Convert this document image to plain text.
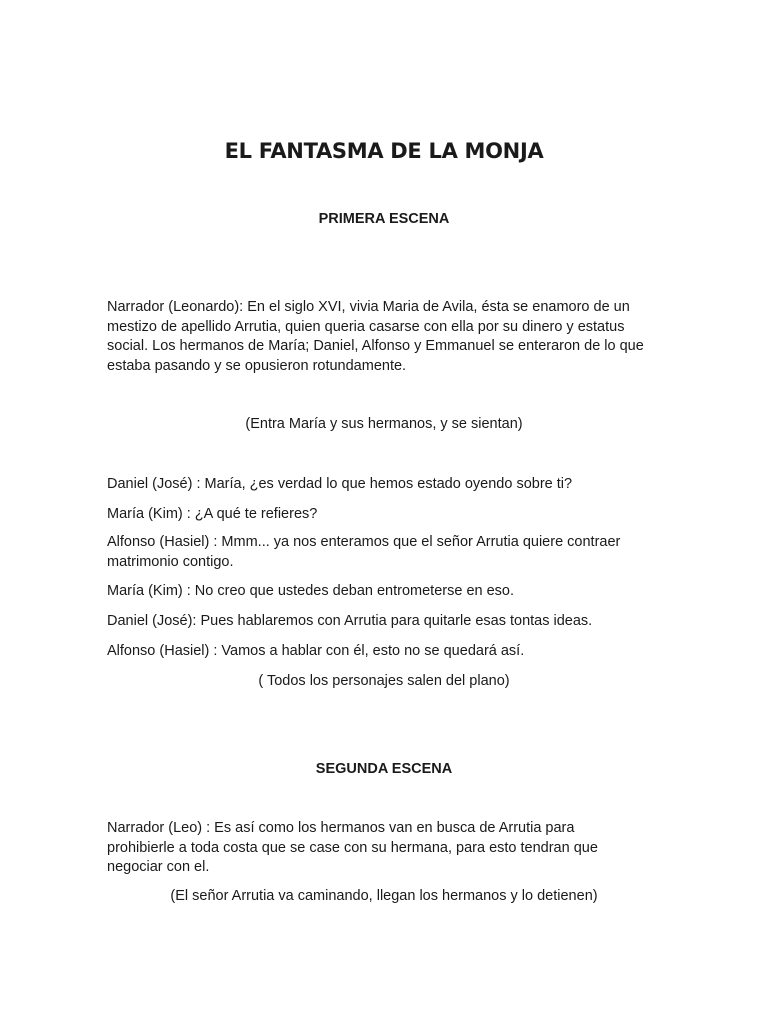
EL FANTASMA DE LA MONJA
PRIMERA ESCENA

Narrador (Leonardo): En el siglo XVI, vivia Maria de Avila, ésta se enamoro de un mestizo de apellido Arrutia, quien queria casarse con ella por su dinero y estatus social. Los hermanos de María; Daniel, Alfonso y Emmanuel se enteraron de lo que estaba pasando y se opusieron rotundamente.

(Entra María y sus hermanos, y se sientan)
Daniel (José) : María, ¿es verdad lo que hemos estado oyendo sobre ti?
María (Kim) : ¿A qué te refieres?

Alfonso (Hasiel) : Mmm... ya nos enteramos que el señor Arrutia quiere contraer matrimonio contigo.

María (Kim) : No creo que ustedes deban entrometerse en eso.
Daniel (José): Pues hablaremos con Arrutia para quitarle esas tontas ideas.
Alfonso (Hasiel) : Vamos a hablar con él, esto no se quedará así.
( Todos los personajes salen del plano)
SEGUNDA ESCENA

Narrador (Leo) : Es así como los hermanos van en busca de Arrutia para prohibierle a toda costa que se case con su hermana, para esto tendran que negociar con el.

(El señor Arrutia va caminando, llegan los hermanos y lo detienen)
